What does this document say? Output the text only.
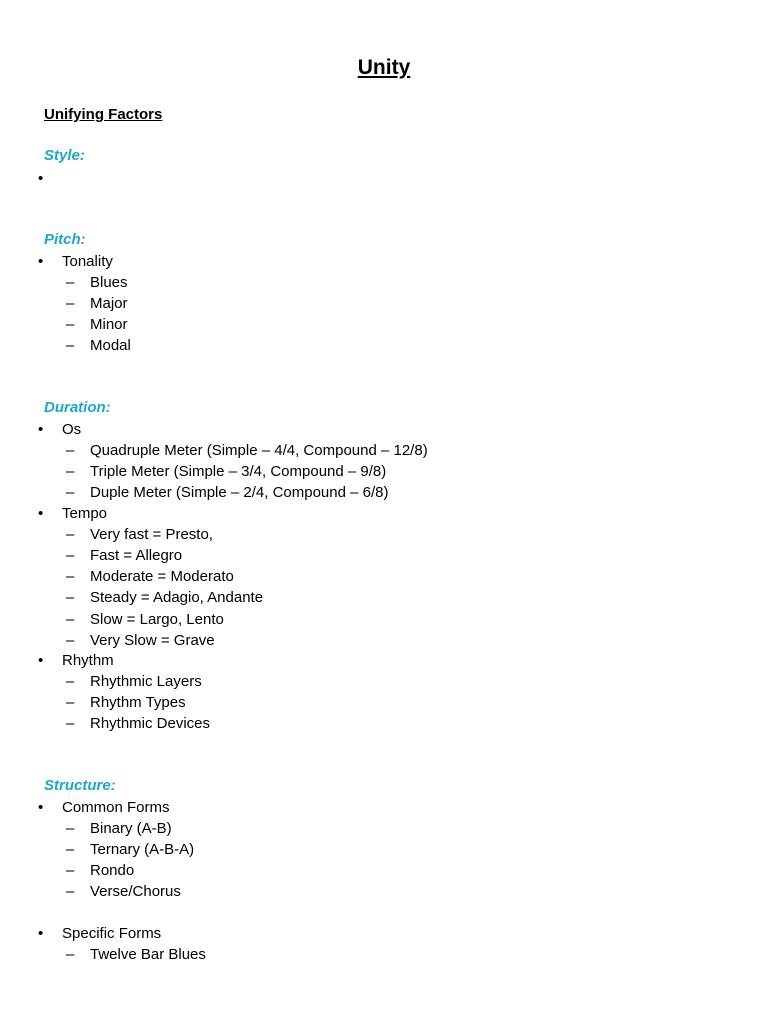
Unity
Unifying Factors
Style:
•
Pitch:
•	Tonality
–	Blues
–	Major
–	Minor
–	Modal
Duration:
•	Os
–	Quadruple Meter (Simple – 4/4, Compound – 12/8)
–	Triple Meter (Simple – 3/4, Compound – 9/8)
–	Duple Meter (Simple – 2/4, Compound – 6/8)
•	Tempo
–	Very fast = Presto,
–	Fast = Allegro
–	Moderate = Moderato
–	Steady = Adagio, Andante
–	Slow = Largo, Lento
–	Very Slow = Grave
•	Rhythm
–	Rhythmic Layers
–	Rhythm Types
–	Rhythmic Devices
Structure:
•	Common Forms
–	Binary (A-B)
–	Ternary (A-B-A)
–	Rondo
–	Verse/Chorus
•	Specific Forms
–	Twelve Bar Blues
